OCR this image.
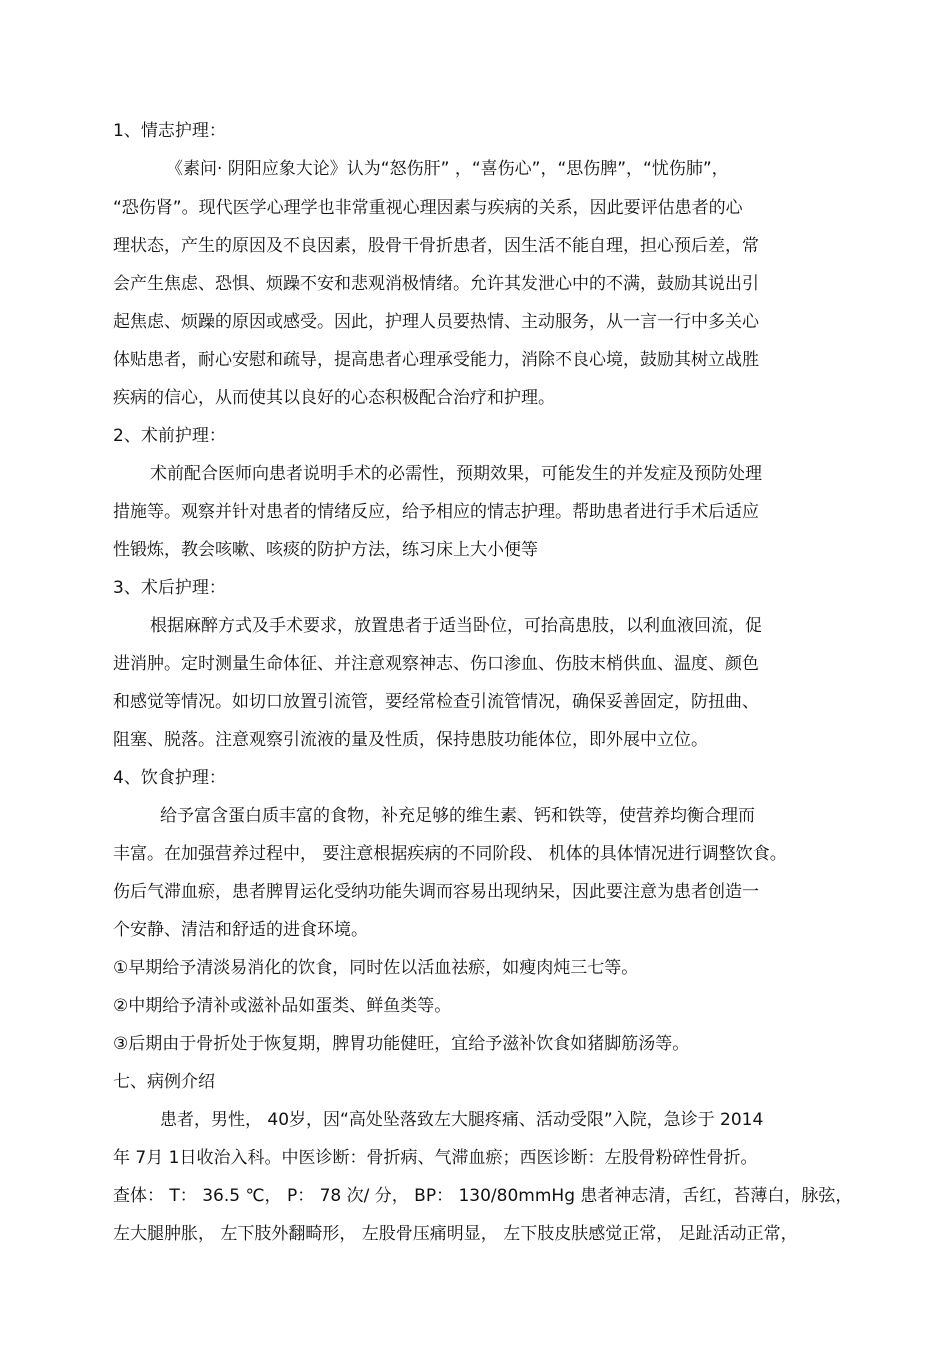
1、情志护理：

《素问· 阴阳应象大论》认为“怒伤肝” ，“喜伤心”，“思伤脾”，“忧伤肺”，

“恐伤肾”。现代医学心理学也非常重视心理因素与疾病的关系，因此要评估患者的心

理状态，产生的原因及不良因素，股骨干骨折患者，因生活不能自理，担心预后差，常

会产生焦虑、恐惧、烦躁不安和悲观消极情绪。允许其发泄心中的不满，鼓励其说出引

起焦虑、烦躁的原因或感受。因此，护理人员要热情、主动服务，从一言一行中多关心

体贴患者，耐心安慰和疏导，提高患者心理承受能力，消除不良心境，鼓励其树立战胜

疾病的信心，从而使其以良好的心态积极配合治疗和护理。

2、术前护理：

术前配合医师向患者说明手术的必需性，预期效果，可能发生的并发症及预防处理

措施等。观察并针对患者的情绪反应，给予相应的情志护理。帮助患者进行手术后适应

性锻炼，教会咳嗽、咳痰的防护方法，练习床上大小便等

3、术后护理：

根据麻醉方式及手术要求，放置患者于适当卧位，可抬高患肢，以利血液回流，促

进消肿。定时测量生命体征、并注意观察神志、伤口渗血、伤肢末梢供血、温度、颜色

和感觉等情况。如切口放置引流管，要经常检查引流管情况，确保妥善固定，防扭曲、

阻塞、脱落。注意观察引流液的量及性质，保持患肢功能体位，即外展中立位。

4、饮食护理：

给予富含蛋白质丰富的食物，补充足够的维生素、钙和铁等，使营养均衡合理而

丰富。在加强营养过程中， 要注意根据疾病的不同阶段、 机体的具体情况进行调整饮食。

伤后气滞血瘀，患者脾胃运化受纳功能失调而容易出现纳呆，因此要注意为患者创造一

个安静、清洁和舒适的进食环境。

①早期给予清淡易消化的饮食，同时佐以活血祛瘀，如瘦肉炖三七等。

②中期给予清补或滋补品如蛋类、鲜鱼类等。

③后期由于骨折处于恢复期，脾胃功能健旺，宜给予滋补饮食如猪脚筋汤等。

七、病例介绍

患者，男性， 40岁，因“高处坠落致左大腿疼痛、活动受限”入院，急诊于 2014

年 7月 1日收治入科。中医诊断：骨折病、气滞血瘀；西医诊断：左股骨粉碎性骨折。

查体： T： 36.5 ℃， P： 78 次/ 分， BP： 130/80mmHg 患者神志清，舌红，苔薄白，脉弦，

左大腿肿胀， 左下肢外翻畸形， 左股骨压痛明显， 左下肢皮肤感觉正常， 足趾活动正常，
